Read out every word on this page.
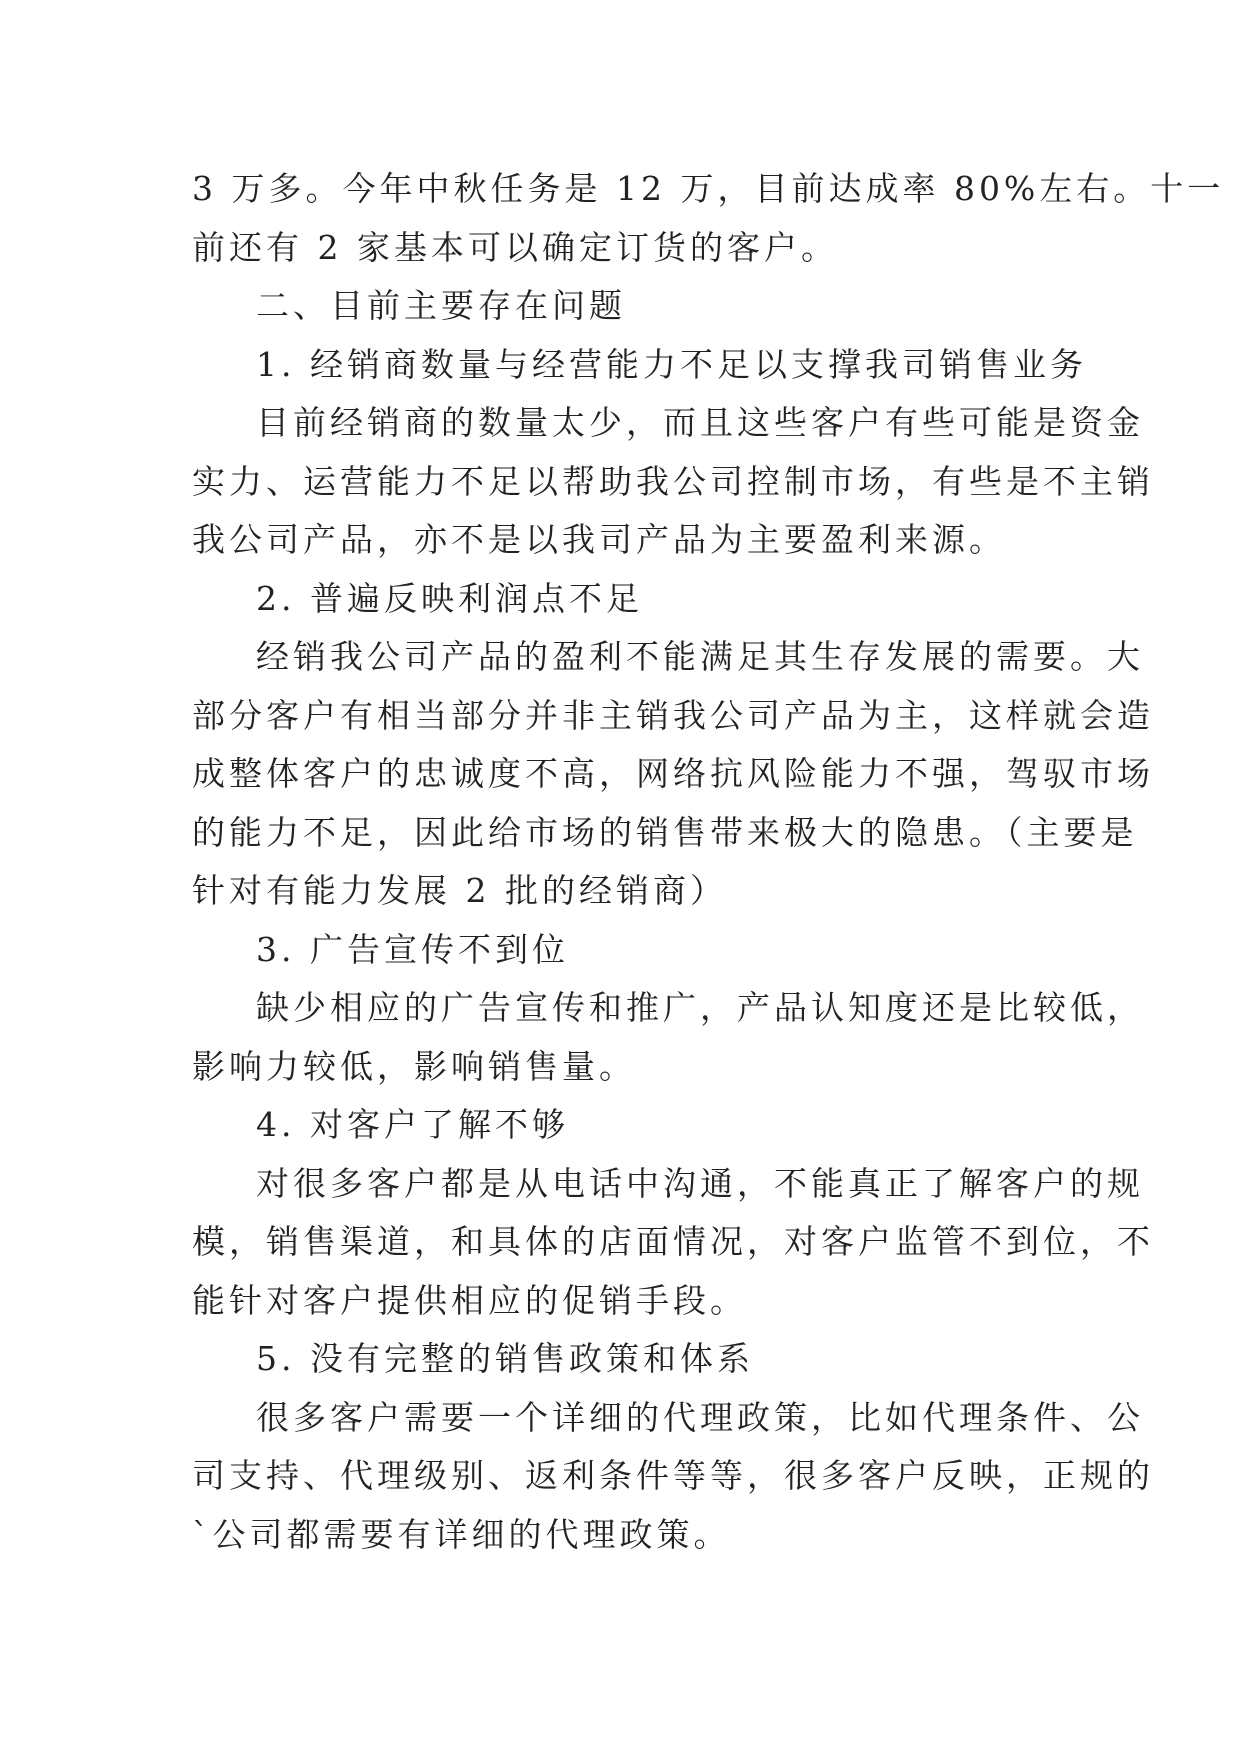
3 万多。今年中秋任务是 12 万，目前达成率 80%左右。十一
前还有 2 家基本可以确定订货的客户。
二、目前主要存在问题
1. 经销商数量与经营能力不足以支撑我司销售业务
目前经销商的数量太少，而且这些客户有些可能是资金
实力、运营能力不足以帮助我公司控制市场，有些是不主销
我公司产品，亦不是以我司产品为主要盈利来源。
2. 普遍反映利润点不足
经销我公司产品的盈利不能满足其生存发展的需要。大
部分客户有相当部分并非主销我公司产品为主，这样就会造
成整体客户的忠诚度不高，网络抗风险能力不强，驾驭市场
的能力不足，因此给市场的销售带来极大的隐患。（主要是
针对有能力发展 2 批的经销商）
3. 广告宣传不到位
缺少相应的广告宣传和推广，产品认知度还是比较低，
影响力较低，影响销售量。
4. 对客户了解不够
对很多客户都是从电话中沟通，不能真正了解客户的规
模，销售渠道，和具体的店面情况，对客户监管不到位，不
能针对客户提供相应的促销手段。
5. 没有完整的销售政策和体系
很多客户需要一个详细的代理政策，比如代理条件、公
司支持、代理级别、返利条件等等，很多客户反映，正规的
`公司都需要有详细的代理政策。
